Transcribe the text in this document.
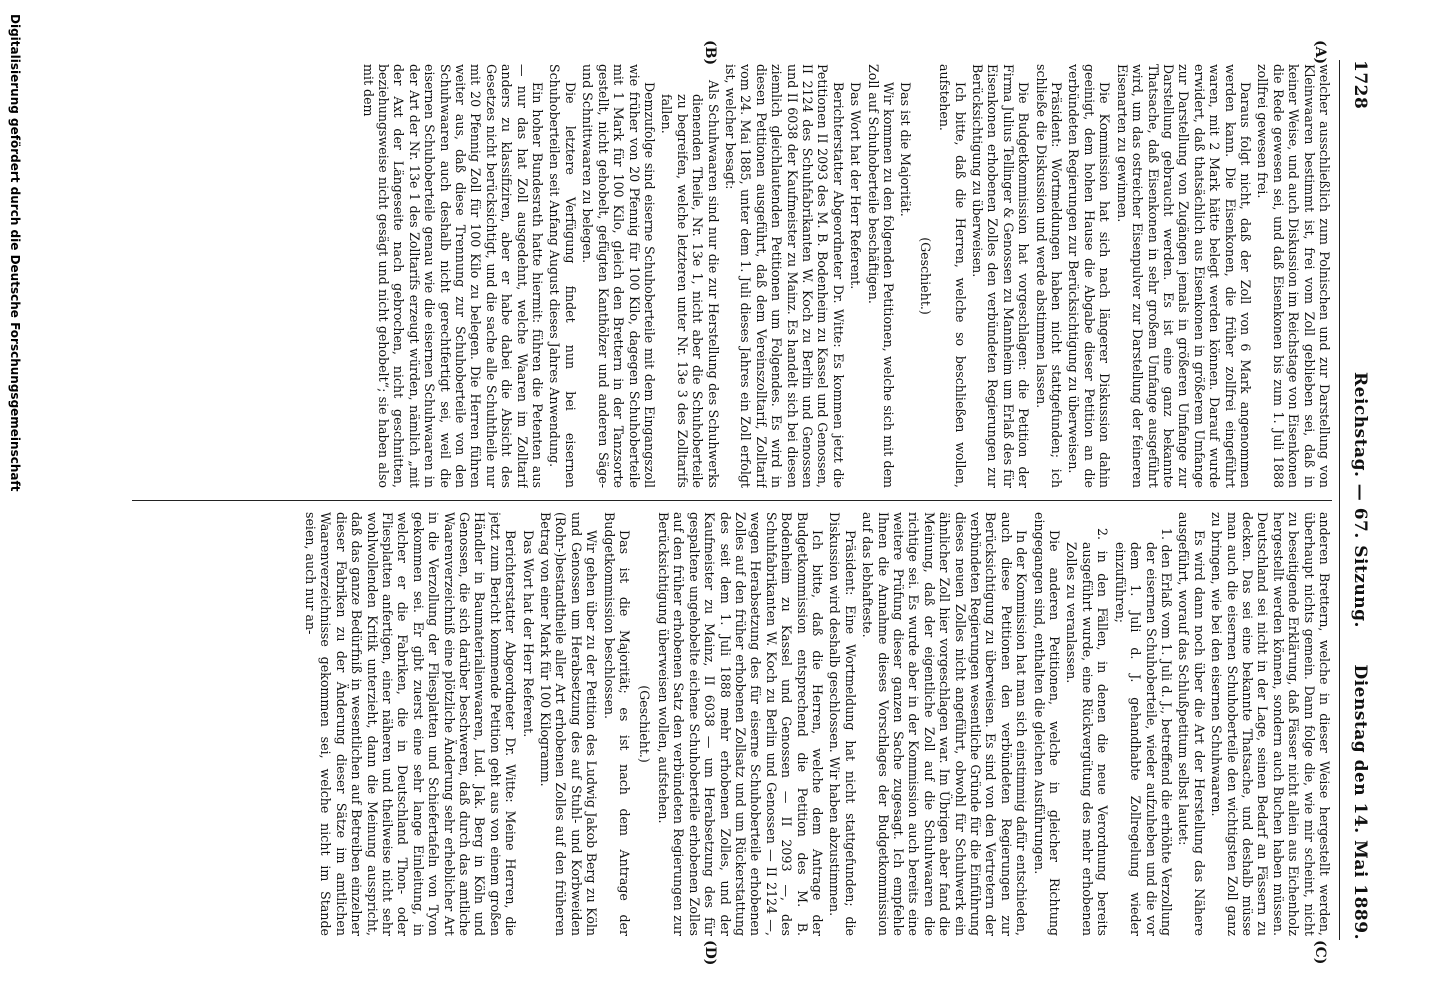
1728
Reichstag. — 67. Sitzung.
Dienstag den 14. Mai 1889.
(A)
(B)
(C)
(D)

welcher ausschließlich zum Polnischen und zur Darstellung von Kleinwaaren bestimmt ist, frei vom Zoll geblieben sei, daß in keiner Weise, und auch Diskussion im Reichstage von Eisenkonen die Rede gewesen sei, und daß Eisenkonen bis zum 1. Juli 1888 zollfrei gewesen frei.

Daraus folgt nicht, daß der Zoll von 6 Mark angenommen werden kann. Die Eisenkonen, die früher zollfrei eingeführt waren, mit 2 Mark hätte belegt werden können. Darauf wurde erwidert, daß thatsächlich aus Eisenkonen in größerem Umfange zur Darstellung von Zugängen jemals in größeren Umfange zur Darstellung gebraucht werden. Es ist eine ganz bekannte Thatsache, daß Eisenkonen in sehr großem Umfange ausgeführt wird, um das ostreicher Eisenpulver zur Darstellung der feineren Eisenarten zu gewinnen.

Die Kommission hat sich nach längerer Diskussion dahin geeinigt, dem hohen Hause die Abgabe dieser Petition an die verbündeten Regierungen zur Berücksichtigung zu überweisen.

Präsident: Wortmeldungen haben nicht stattgefunden; ich schließe die Diskussion und werde abstimmen lassen.

Die Budgetkommission hat vorgeschlagen: die Petition der Firma Julius Tellinger & Genossen zu Mannheim um Erlaß des für Eisenkonen erhobenen Zolles den verbündeten Regierungen zur Berücksichtigung zu überweisen.

Ich bitte, daß die Herren, welche so beschließen wollen, aufstehen.

(Geschieht.)

Das ist die Majorität.

Wir kommen zu den folgenden Petitionen, welche sich mit dem Zoll auf Schuhoberteile beschäftigen.

Das Wort hat der Herr Referent.

Berichterstatter Abgeordneter Dr. Witte: Es kommen jetzt die Petitionen II 2093 des M. B. Bodenheim zu Kassel und Genossen, II 2124 des Schuhfabrikanten W. Koch zu Berlin und Genossen und II 6038 der Kaufmeister zu Mainz. Es handelt sich bei diesen ziemlich gleichlautenden Petitionen um Folgendes. Es wird in diesen Petitionen ausgeführt, daß dem Vereinszolltarif, Zolltarif vom 24. Mai 1885, unter dem 1. Juli dieses Jahres ein Zoll erfolgt ist, welcher besagt:

Als Schuhwaaren sind nur die zur Herstellung des Schuhwerks dienenden Theile, Nr. 13e 1, nicht aber die Schuhoberteile zu begreifen, welche letzteren unter Nr. 13e 3 des Zolltarifs fallen.

Demzufolge sind eiserne Schuhoberteile mit dem Eingangszoll wie früher von 20 Pfennig für 100 Kilo, dagegen Schuhoberteile mit 1 Mark für 100 Kilo, gleich den Brettern in der Tanzsorte gestellt, nicht gehobelt, gefügten Kanthölzer und anderen Säge- und Schnittwaaren zu belegen.

Die letztere Verfügung findet nun bei eisernen Schuhoberteilen seit Anfang August dieses Jahres Anwendung.

Ein hoher Bundesrath hatte hiermit: führen die Petenten aus — nur das hat Zoll ausgedehnt, welche Waaren im Zolltarif anders zu klassifiziren, aber er habe dabei die Absicht des Gesetzes nicht berücksichtigt, und die sache alle Schuhtheile nur mit 20 Pfennig Zoll für 100 Kilo zu belegen. Die Herren führen weiter aus, daß diese Trennung zur Schuhoberteile von den Schuhwaaren auch deshalb nicht gerechtfertigt sei, weil die eisernen Schuhoberteile genau wie die eisernen Schuhwaaren in der Art der Nr. 13e 1 des Zolltarifs erzeugt würden, nämlich „mit der Axt der Längeseite nach gebrochen, nicht geschnitten, beziehungsweise nicht gesägt und nicht gehobelt“; sie haben also mit dem

anderen Brettern, welche in dieser Weise hergestellt werden, überhaupt nichts gemein. Dann folge die, wie mir scheint, nicht zu beseitigende Erklärung, daß Fässer nicht allein aus Eichenholz hergestellt werden können, sondern auch Buchen haben müssen. Deutschland sei nicht in der Lage, seinen Bedarf an Fässern zu decken. Das sei eine bekannte Thatsache, und deshalb müsse man auch die eisernen Schuhoberteile den wichtigsten Zoll ganz zu bringen, wie bei den eisernen Schuhwaaren.

Es wird dann noch über die Art der Herstellung das Nähere ausgeführt, worauf das Schlußpetitum selbst lautet:

1. den Erlaß vom 1. Juli d. J., betreffend die erhöhte Verzollung der eisernen Schuhoberteile, wieder aufzuheben und die vor dem 1. Juli d. J. gehandhabte Zollregelung wieder einzuführen;

2. in den Fällen, in denen die neue Verordnung bereits ausgeführt wurde, eine Rückvergütung des mehr erhobenen Zolles zu veranlassen.

Die anderen Petitionen, welche in gleicher Richtung eingegangen sind, enthalten die gleichen Ausführungen.

In der Kommission hat man sich einstimmig dafür entschieden, auch diese Petitionen den verbündeten Regierungen zur Berücksichtigung zu überweisen. Es sind von den Vertretern der verbündeten Regierungen wesentliche Gründe für die Einführung dieses neuen Zolles nicht angeführt, obwohl für Schuhwerk ein ähnlicher Zoll hier vorgeschlagen war. Im Übrigen aber fand die Meinung, daß der eigentliche Zoll auf die Schuhwaaren die richtige sei. Es wurde aber in der Kommission auch bereits eine weitere Prüfung dieser ganzen Sache zugesagt. Ich empfehle Ihnen die Annahme dieses Vorschlages der Budgetkommission auf das lebhafteste.

Präsident: Eine Wortmeldung hat nicht stattgefunden; die Diskussion wird deshalb geschlossen. Wir haben abzustimmen.

Ich bitte, daß die Herren, welche dem Antrage der Budgetkommission entsprechend die Petition des M. B. Bodenheim zu Kassel und Genossen — II 2093 —, des Schuhfabrikanten W. Koch zu Berlin und Genossen — II 2124 —, wegen Herabsetzung des für eiserne Schuhoberteile erhobenen Zolles auf den früher erhobenen Zollsatz und um Rückerstattung des seit dem 1. Juli 1888 mehr erhobenen Zolles, und der Kaufmeister zu Mainz, II 6038 — um Herabsetzung des für gespaltene ungehobelte eichene Schuhoberteile erhobenen Zolles auf den früher erhobenen Satz den verbündeten Regierungen zur Berücksichtigung überweisen wollen, aufstehen.

(Geschieht.)

Das ist die Majorität; es ist nach dem Antrage der Budgetkommission beschlossen.

Wir gehen über zu der Petition des Ludwig Jakob Berg zu Köln und Genossen um Herabsetzung des auf Stuhl- und Korbweiden (Rohr-)bestandtheile aller Art erhobenen Zolles auf den früheren Betrag von einer Mark für 100 Kilogramm.

Das Wort hat der Herr Referent.

Berichterstatter Abgeordneter Dr. Witte: Meine Herren, die jetzt zum Bericht kommende Petition geht aus von einem großen Händler in Baumaterialienwaaren, Lud. Jak. Berg in Köln und Genossen, die sich darüber beschweren, daß durch das amtliche Waarenverzeichniß eine plötzliche Änderung sehr erheblicher Art in die Verzollung der Fliesplatten und Schiefertafeln von Tyon gekommen sei. Er gibt zuerst eine sehr lange Einleitung, in welcher er die Fabriken, die in Deutschland Thon- oder Fliesplatten anfertigen, einer näheren und theilweise nicht sehr wohlwollenden Kritik unterzieht, dann die Meinung ausspricht, daß das ganze Bedürfniß in wesentlichen auf Betreiben einzelner dieser Fabriken zu der Änderung dieser Sätze im amtlichen Waarenverzeichnisse gekommen sei, welche nicht im Stande seien, auch nur an-

Digitalisierung gefördert durch die Deutsche Forschungsgemeinschaft
